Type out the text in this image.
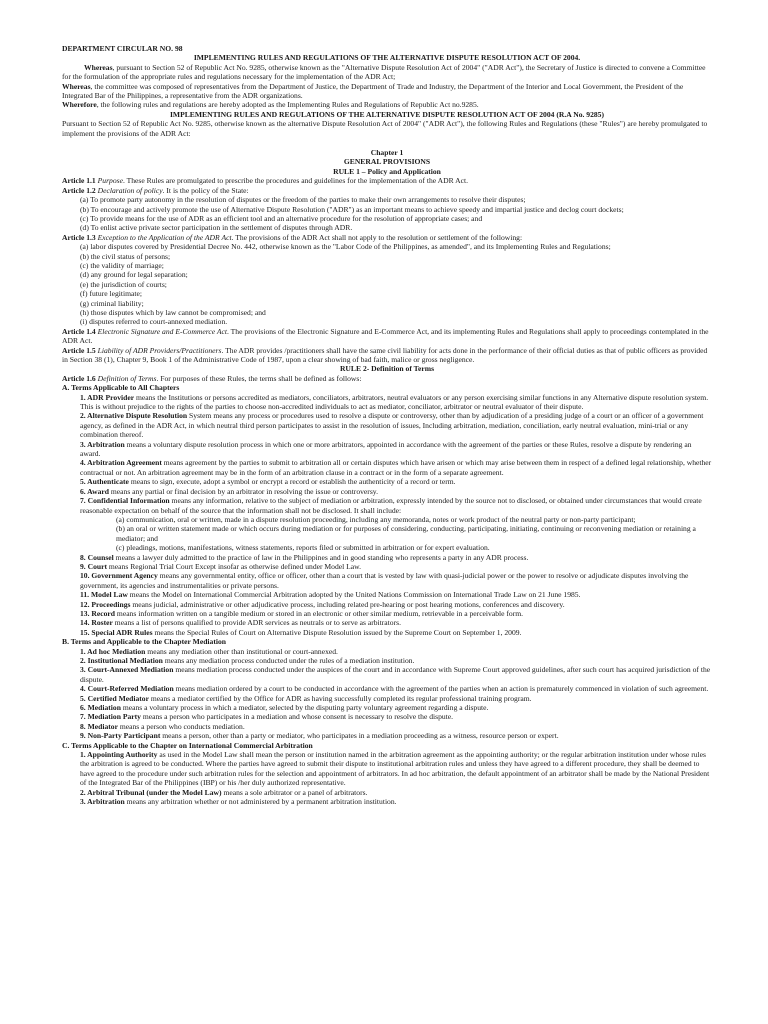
DEPARTMENT CIRCULAR NO. 98

IMPLEMENTING RULES AND REGULATIONS OF THE ALTERNATIVE DISPUTE RESOLUTION ACT OF 2004.

Whereas, pursuant to Section 52 of Republic Act No. 9285, otherwise known as the "Alternative Dispute Resolution Act of 2004" ("ADR Act"), the Secretary of Justice is directed to convene a Committee for the formulation of the appropriate rules and regulations necessary for the implementation of the ADR Act;

Whereas, the committee was composed of representatives from the Department of Justice, the Department of Trade and Industry, the Department of the Interior and Local Government, the President of the Integrated Bar of the Philippines, a representative from the ADR organizations.

Wherefore, the following rules and regulations are hereby adopted as the Implementing Rules and Regulations of Republic Act no.9285.

IMPLEMENTING RULES AND REGULATIONS OF THE ALTERNATIVE DISPUTE RESOLUTION ACT OF 2004 (R.A No. 9285)

Pursuant to Section 52 of Republic Act No. 9285, otherwise known as the alternative Dispute Resolution Act of 2004" ("ADR Act"), the following Rules and Regulations (these "Rules") are hereby promulgated to implement the provisions of the ADR Act:

Chapter 1

GENERAL PROVISIONS

RULE 1 – Policy and Application

Article 1.1 Purpose. These Rules are promulgated to prescribe the procedures and guidelines for the implementation of the ADR Act.

Article 1.2 Declaration of policy. It is the policy of the State:

(a) To promote party autonomy in the resolution of disputes or the freedom of the parties to make their own arrangements to resolve their disputes;

(b) To encourage and actively promote the use of Alternative Dispute Resolution ("ADR") as an important means to achieve speedy and impartial justice and declog court dockets;

(c) To provide means for the use of ADR as an efficient tool and an alternative procedure for the resolution of appropriate cases; and

(d) To enlist active private sector participation in the settlement of disputes through ADR.

Article 1.3 Exception to the Application of the ADR Act. The provisions of the ADR Act shall not apply to the resolution or settlement of the following:

(a) labor disputes covered by Presidential Decree No. 442, otherwise known as the "Labor Code of the Philippines, as amended", and its Implementing Rules and Regulations;

(b) the civil status of persons;

(c) the validity of marriage;

(d) any ground for legal separation;

(e) the jurisdiction of courts;

(f) future legitimate;

(g) criminal liability;

(h) those disputes which by law cannot be compromised; and

(i) disputes referred to court-annexed mediation.

Article 1.4 Electronic Signature and E-Commerce Act. The provisions of the Electronic Signature and E-Commerce Act, and its implementing Rules and Regulations shall apply to proceedings contemplated in the ADR Act.

Article 1.5 Liability of ADR Providers/Practitioners. The ADR provides /practitioners shall have the same civil liability for acts done in the performance of their official duties as that of public officers as provided in Section 38 (1), Chapter 9, Book 1 of the Administrative Code of 1987, upon a clear showing of bad faith, malice or gross negligence.

RULE 2- Definition of Terms

Article 1.6 Definition of Terms. For purposes of these Rules, the terms shall be defined as follows:

A. Terms Applicable to All Chapters

1. ADR Provider means the Institutions or persons accredited as mediators, conciliators, arbitrators, neutral evaluators or any person exercising similar functions in any Alternative dispute resolution system. This is without prejudice to the rights of the parties to choose non-accredited individuals to act as mediator, conciliator, arbitrator or neutral evaluator of their dispute.

2. Alternative Dispute Resolution System means any process or procedures used to resolve a dispute or controversy, other than by adjudication of a presiding judge of a court or an officer of a government agency, as defined in the ADR Act, in which neutral third person participates to assist in the resolution of issues, Including arbitration, mediation, conciliation, early neutral evaluation, mini-trial or any combination thereof.

3. Arbitration means a voluntary dispute resolution process in which one or more arbitrators, appointed in accordance with the agreement of the parties or these Rules, resolve a dispute by rendering an award.

4. Arbitration Agreement means agreement by the parties to submit to arbitration all or certain disputes which have arisen or which may arise between them in respect of a defined legal relationship, whether contractual or not. An arbitration agreement may be in the form of an arbitration clause in a contract or in the form of a separate agreement.

5. Authenticate means to sign, execute, adopt a symbol or encrypt a record or establish the authenticity of a record or term.

6. Award means any partial or final decision by an arbitrator in resolving the issue or controversy.

7. Confidential Information means any information, relative to the subject of mediation or arbitration, expressly intended by the source not to disclosed, or obtained under circumstances that would create reasonable expectation on behalf of the source that the information shall not be disclosed. It shall include:

(a) communication, oral or written, made in a dispute resolution proceeding, including any memoranda, notes or work product of the neutral party or non-party participant;

(b) an oral or written statement made or which occurs during mediation or for purposes of considering, conducting, participating, initiating, continuing or reconvening mediation or retaining a mediator; and

(c) pleadings, motions, manifestations, witness statements, reports filed or submitted in arbitration or for expert evaluation.

8. Counsel means a lawyer duly admitted to the practice of law in the Philippines and in good standing who represents a party in any ADR process.

9. Court means Regional Trial Court Except insofar as otherwise defined under Model Law.

10. Government Agency means any governmental entity, office or officer, other than a court that is vested by law with quasi-judicial power or the power to resolve or adjudicate disputes involving the government, its agencies and instrumentalities or private persons.

11. Model Law means the Model on International Commercial Arbitration adopted by the United Nations Commission on International Trade Law on 21 June 1985.

12. Proceedings means judicial, administrative or other adjudicative process, including related pre-hearing or post hearing motions, conferences and discovery.

13. Record means information written on a tangible medium or stored in an electronic or other similar medium, retrievable in a perceivable form.

14. Roster means a list of persons qualified to provide ADR services as neutrals or to serve as arbitrators.

15. Special ADR Rules means the Special Rules of Court on Alternative Dispute Resolution issued by the Supreme Court on September 1, 2009.

B. Terms and Applicable to the Chapter Mediation

1. Ad hoc Mediation means any mediation other than institutional or court-annexed.

2. Institutional Mediation means any mediation process conducted under the rules of a mediation institution.

3. Court-Annexed Mediation means mediation process conducted under the auspices of the court and in accordance with Supreme Court approved guidelines, after such court has acquired jurisdiction of the dispute.

4. Court-Referred Mediation means mediation ordered by a court to be conducted in accordance with the agreement of the parties when an action is prematurely commenced in violation of such agreement.

5. Certified Mediator means a mediator certified by the Office for ADR as having successfully completed its regular professional training program.

6. Mediation means a voluntary process in which a mediator, selected by the disputing party voluntary agreement regarding a dispute.

7. Mediation Party means a person who participates in a mediation and whose consent is necessary to resolve the dispute.

8. Mediator means a person who conducts mediation.

9. Non-Party Participant means a person, other than a party or mediator, who participates in a mediation proceeding as a witness, resource person or expert.

C. Terms Applicable to the Chapter on International Commercial Arbitration

1. Appointing Authority as used in the Model Law shall mean the person or institution named in the arbitration agreement as the appointing authority; or the regular arbitration institution under whose rules the arbitration is agreed to be conducted. Where the parties have agreed to submit their dispute to institutional arbitration rules and unless they have agreed to a different procedure, they shall be deemed to have agreed to the procedure under such arbitration rules for the selection and appointment of arbitrators. In ad hoc arbitration, the default appointment of an arbitrator shall be made by the National President of the Integrated Bar of the Philippines (IBP) or his /her duly authorized representative.

2. Arbitral Tribunal (under the Model Law) means a sole arbitrator or a panel of arbitrators.

3. Arbitration means any arbitration whether or not administered by a permanent arbitration institution.
